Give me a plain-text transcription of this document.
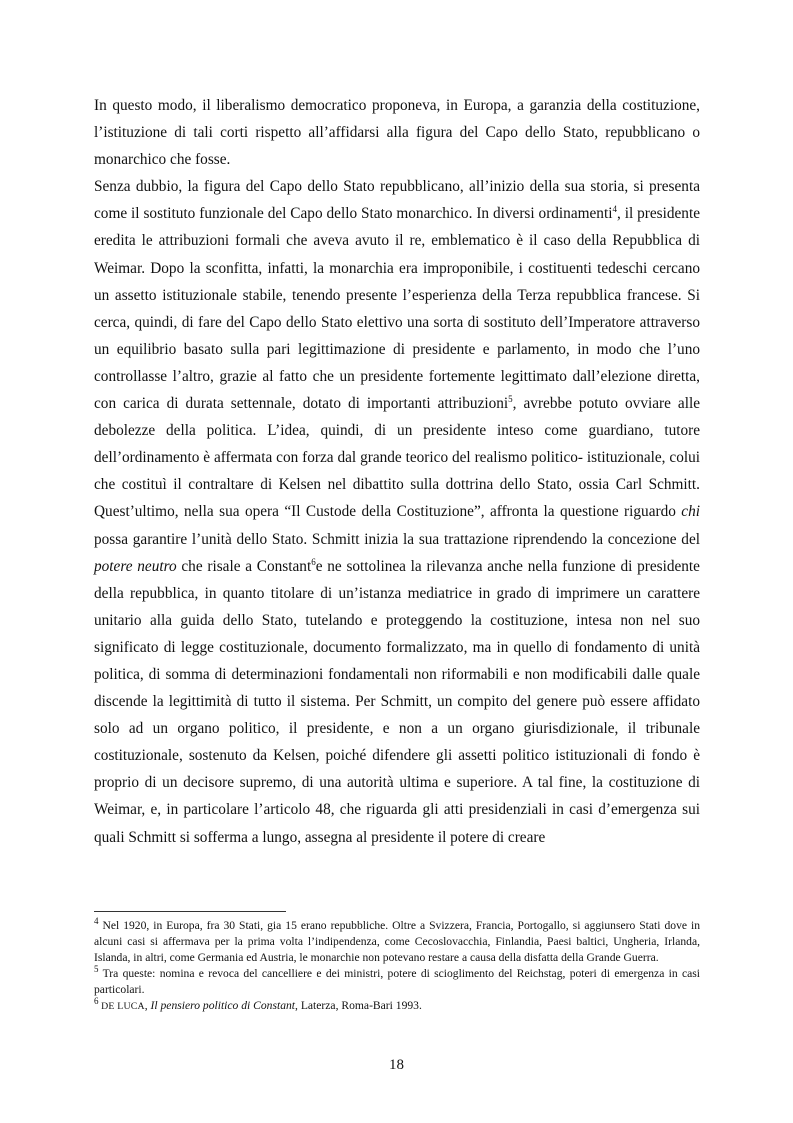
In questo modo, il liberalismo democratico proponeva, in Europa, a garanzia della costituzione, l’istituzione di tali corti rispetto all’affidarsi alla figura del Capo dello Stato, repubblicano o monarchico che fosse.

Senza dubbio, la figura del Capo dello Stato repubblicano, all’inizio della sua storia, si presenta come il sostituto funzionale del Capo dello Stato monarchico. In diversi ordinamenti$^4$, il presidente eredita le attribuzioni formali che aveva avuto il re, emblematico è il caso della Repubblica di Weimar. Dopo la sconfitta, infatti, la monarchia era improponibile, i costituenti tedeschi cercano un assetto istituzionale stabile, tenendo presente l’esperienza della Terza repubblica francese. Si cerca, quindi, di fare del Capo dello Stato elettivo una sorta di sostituto dell’Imperatore attraverso un equilibrio basato sulla pari legittimazione di presidente e parlamento, in modo che l’uno controllasse l’altro, grazie al fatto che un presidente fortemente legittimato dall’elezione diretta, con carica di durata settennale, dotato di importanti attribuzioni$^5$, avrebbe potuto ovviare alle debolezze della politica. L’idea, quindi, di un presidente inteso come guardiano, tutore dell’ordinamento è affermata con forza dal grande teorico del realismo politico- istituzionale, colui che costituì il contraltare di Kelsen nel dibattito sulla dottrina dello Stato, ossia Carl Schmitt. Quest’ultimo, nella sua opera “Il Custode della Costituzione”, affronta la questione riguardo chi possa garantire l’unità dello Stato. Schmitt inizia la sua trattazione riprendendo la concezione del potere neutro che risale a Constant$^6$e ne sottolinea la rilevanza anche nella funzione di presidente della repubblica, in quanto titolare di un’istanza mediatrice in grado di imprimere un carattere unitario alla guida dello Stato, tutelando e proteggendo la costituzione, intesa non nel suo significato di legge costituzionale, documento formalizzato, ma in quello di fondamento di unità politica, di somma di determinazioni fondamentali non riformabili e non modificabili dalle quale discende la legittimità di tutto il sistema. Per Schmitt, un compito del genere può essere affidato solo ad un organo politico, il presidente, e non a un organo giurisdizionale, il tribunale costituzionale, sostenuto da Kelsen, poiché difendere gli assetti politico istituzionali di fondo è proprio di un decisore supremo, di una autorità ultima e superiore. A tal fine, la costituzione di Weimar, e, in particolare l’articolo 48, che riguarda gli atti presidenziali in casi d’emergenza sui quali Schmitt si sofferma a lungo, assegna al presidente il potere di creare

$^4$ Nel 1920, in Europa, fra 30 Stati, gia 15 erano repubbliche. Oltre a Svizzera, Francia, Portogallo, si aggiunsero Stati dove in alcuni casi si affermava per la prima volta l’indipendenza, come Cecoslovacchia, Finlandia, Paesi baltici, Ungheria, Irlanda, Islanda, in altri, come Germania ed Austria, le monarchie non potevano restare a causa della disfatta della Grande Guerra.

$^5$ Tra queste: nomina e revoca del cancelliere e dei ministri, potere di scioglimento del Reichstag, poteri di emergenza in casi particolari.

$^6$ DE LUCA, Il pensiero politico di Constant, Laterza, Roma-Bari 1993.

18
